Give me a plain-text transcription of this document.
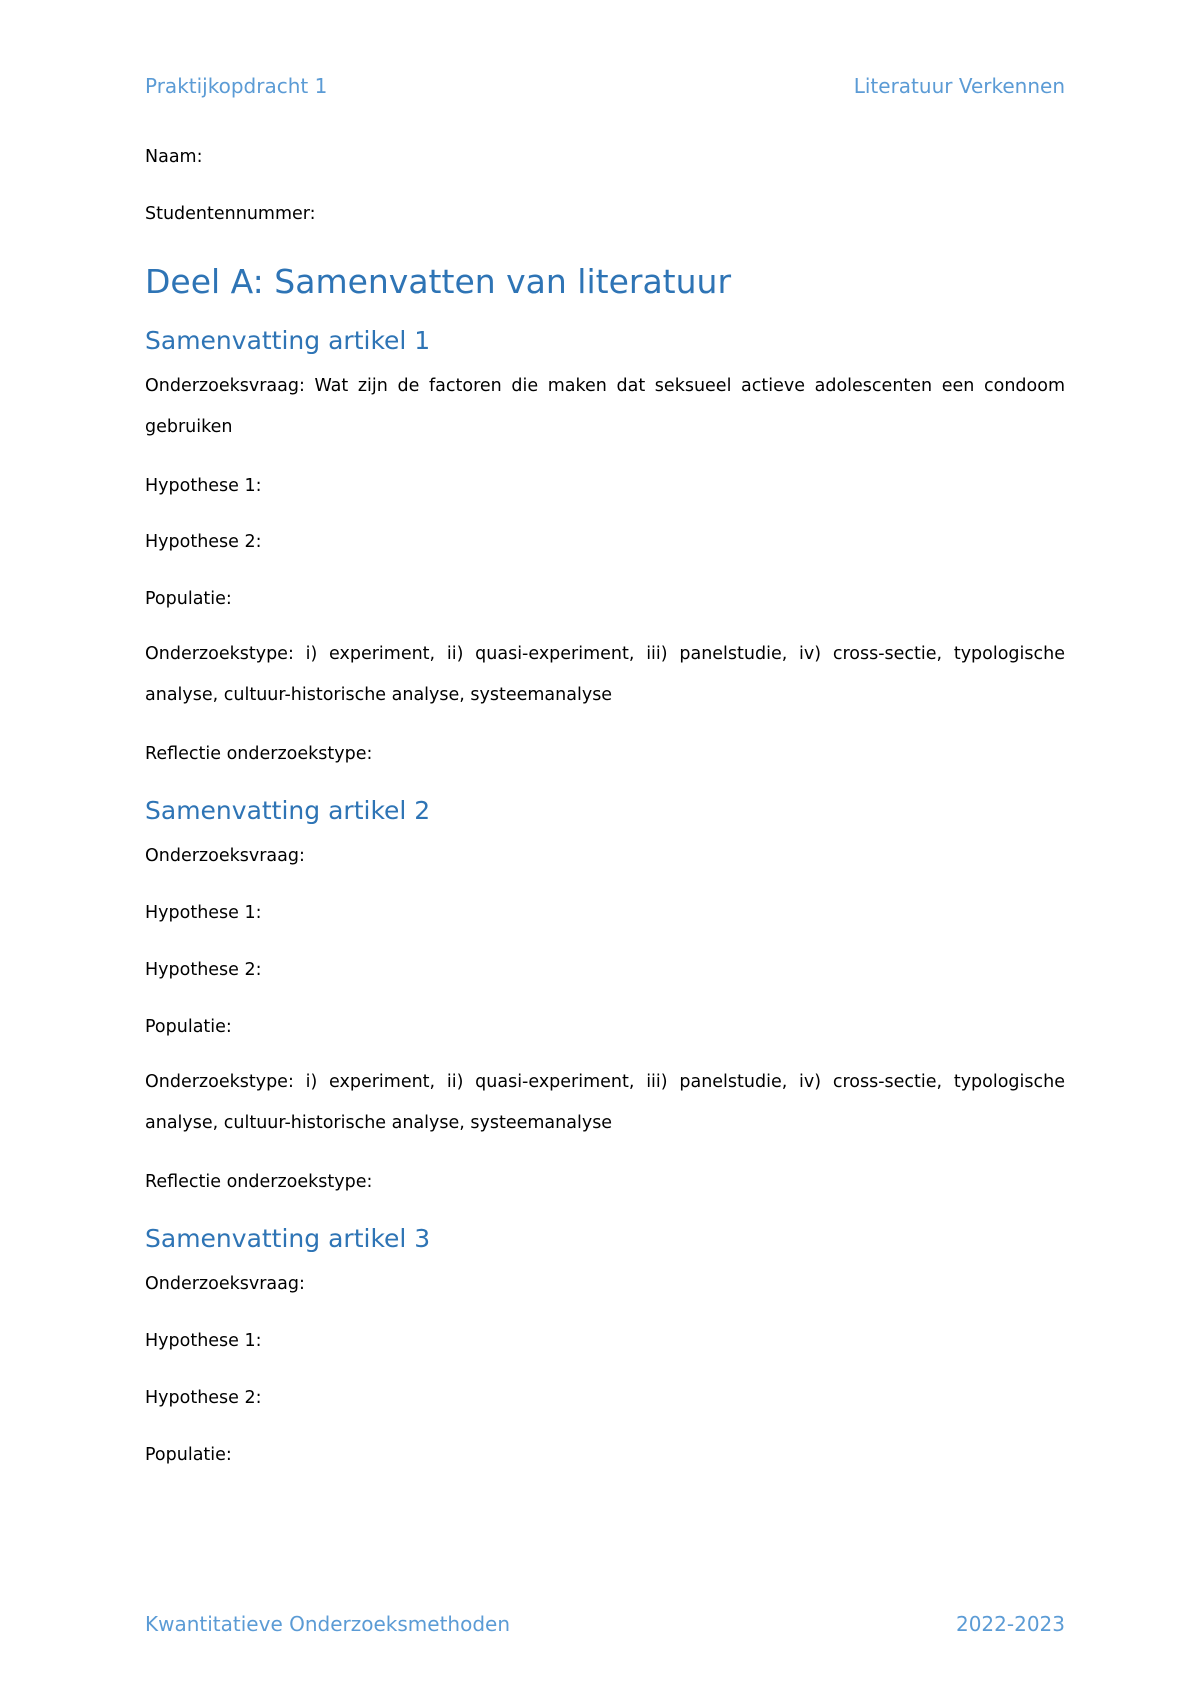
Praktijkopdracht 1	Literatuur Verkennen
Naam:
Studentennummer:
Deel A: Samenvatten van literatuur
Samenvatting artikel 1
Onderzoeksvraag: Wat zijn de factoren die maken dat seksueel actieve adolescenten een condoom gebruiken
Hypothese 1:
Hypothese 2:
Populatie:
Onderzoekstype: i) experiment, ii) quasi-experiment, iii) panelstudie, iv) cross-sectie, typologische analyse, cultuur-historische analyse, systeemanalyse
Reflectie onderzoekstype:
Samenvatting artikel 2
Onderzoeksvraag:
Hypothese 1:
Hypothese 2:
Populatie:
Onderzoekstype: i) experiment, ii) quasi-experiment, iii) panelstudie, iv) cross-sectie, typologische analyse, cultuur-historische analyse, systeemanalyse
Reflectie onderzoekstype:
Samenvatting artikel 3
Onderzoeksvraag:
Hypothese 1:
Hypothese 2:
Populatie:
Kwantitatieve Onderzoeksmethoden	2022-2023
